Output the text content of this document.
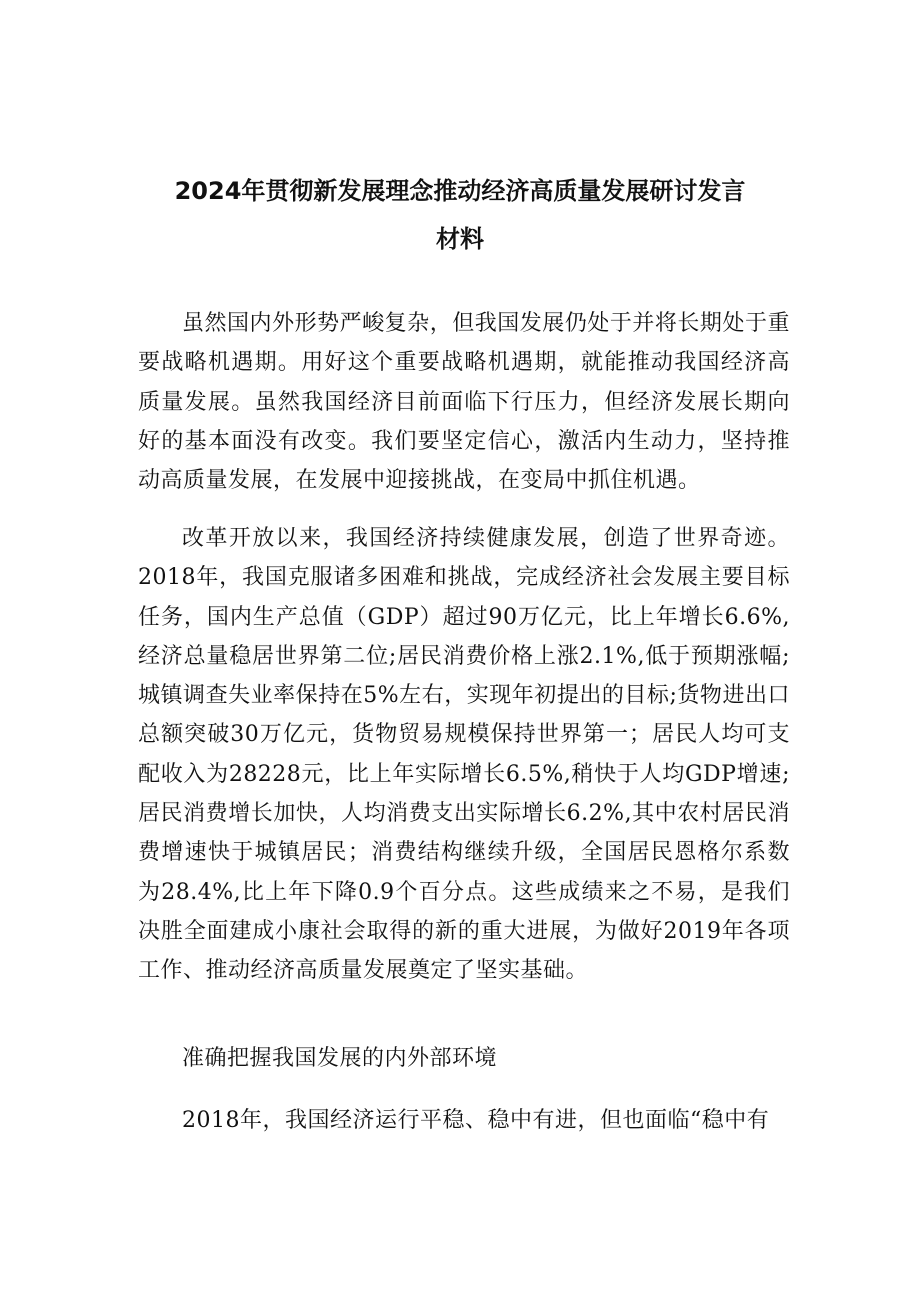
2024年贯彻新发展理念推动经济高质量发展研讨发言
材料

虽然国内外形势严峻复杂，但我国发展仍处于并将长期处于重要战略机遇期。用好这个重要战略机遇期，就能推动我国经济高质量发展。虽然我国经济目前面临下行压力，但经济发展长期向好的基本面没有改变。我们要坚定信心，激活内生动力，坚持推动高质量发展，在发展中迎接挑战，在变局中抓住机遇。

改革开放以来，我国经济持续健康发展，创造了世界奇迹。2018年，我国克服诸多困难和挑战，完成经济社会发展主要目标任务，国内生产总值（GDP）超过90万亿元，比上年增长6.6%,经济总量稳居世界第二位;居民消费价格上涨2.1%,低于预期涨幅;城镇调查失业率保持在5%左右，实现年初提出的目标;货物进出口总额突破30万亿元，货物贸易规模保持世界第一；居民人均可支配收入为28228元，比上年实际增长6.5%,稍快于人均GDP增速;居民消费增长加快，人均消费支出实际增长6.2%,其中农村居民消费增速快于城镇居民；消费结构继续升级，全国居民恩格尔系数为28.4%,比上年下降0.9个百分点。这些成绩来之不易，是我们决胜全面建成小康社会取得的新的重大进展，为做好2019年各项工作、推动经济高质量发展奠定了坚实基础。

准确把握我国发展的内外部环境

2018年，我国经济运行平稳、稳中有进，但也面临“稳中有
